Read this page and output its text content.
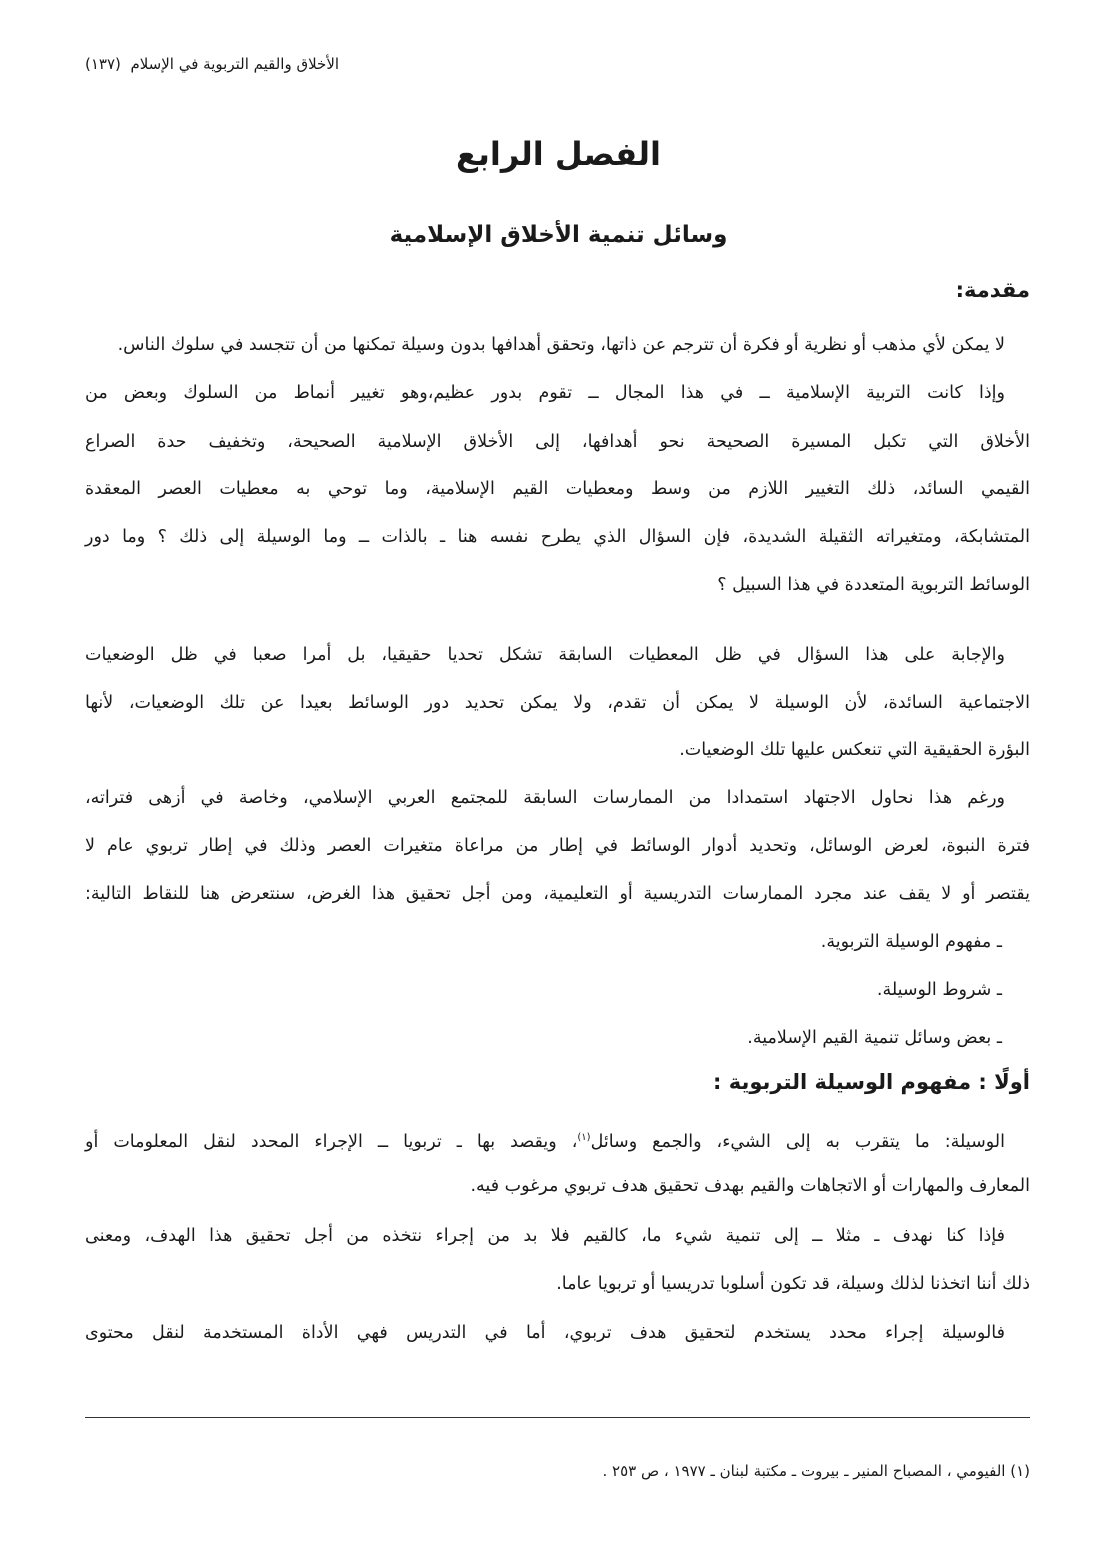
الأخلاق والقيم التربوية في الإسلام  (١٣٧)
الفصل الرابع
وسائل تنمية الأخلاق الإسلامية
مقدمة:
لا يمكن لأي مذهب أو نظرية أو فكرة أن تترجم عن ذاتها، وتحقق أهدافها بدون وسيلة تمكنها من أن تتجسد في سلوك الناس.
وإذا كانت التربية الإسلامية ــ في هذا المجال ــ تقوم بدور عظيم،وهو تغيير أنماط من السلوك وبعض من
الأخلاق التي تكبل المسيرة الصحيحة نحو أهدافها، إلى الأخلاق الإسلامية الصحيحة، وتخفيف حدة الصراع
القيمي السائد، ذلك التغيير اللازم من وسط ومعطيات القيم الإسلامية، وما توحي به معطيات العصر المعقدة
المتشابكة، ومتغيراته الثقيلة الشديدة، فإن السؤال الذي يطرح نفسه هنا ـ بالذات ــ وما الوسيلة إلى ذلك ؟ وما دور
الوسائط التربوية المتعددة في هذا السبيل ؟
والإجابة على هذا السؤال في ظل المعطيات السابقة تشكل تحديا حقيقيا، بل أمرا صعبا في ظل الوضعيات
الاجتماعية السائدة، لأن الوسيلة لا يمكن أن تقدم، ولا يمكن تحديد دور الوسائط بعيدا عن تلك الوضعيات، لأنها
البؤرة الحقيقية التي تنعكس عليها تلك الوضعيات.
ورغم هذا نحاول الاجتهاد استمدادا من الممارسات السابقة للمجتمع العربي الإسلامي، وخاصة في أزهى فتراته،
فترة النبوة، لعرض الوسائل، وتحديد أدوار الوسائط في إطار من مراعاة متغيرات العصر وذلك في إطار تربوي عام لا
يقتصر أو لا يقف عند مجرد الممارسات التدريسية أو التعليمية، ومن أجل تحقيق هذا الغرض، سنتعرض هنا للنقاط التالية:
ـ مفهوم الوسيلة التربوية.
ـ شروط الوسيلة.
ـ بعض وسائل تنمية القيم الإسلامية.
أولًا : مفهوم الوسيلة التربوية :
الوسيلة: ما يتقرب به إلى الشيء، والجمع وسائل$^{(١)}$، ويقصد بها ـ تربويا ــ الإجراء المحدد لنقل المعلومات أو
المعارف والمهارات أو الاتجاهات والقيم بهدف تحقيق هدف تربوي مرغوب فيه.
فإذا كنا نهدف ـ مثلا ــ إلى تنمية شيء ما، كالقيم فلا بد من إجراء نتخذه من أجل تحقيق هذا الهدف، ومعنى
ذلك أننا اتخذنا لذلك وسيلة، قد تكون أسلوبا تدريسيا أو تربويا عاما.
فالوسيلة إجراء محدد يستخدم لتحقيق هدف تربوي، أما في التدريس فهي الأداة المستخدمة لنقل محتوى
(١) الفيومي ، المصباح المنير ـ بيروت ـ مكتبة لبنان ـ ١٩٧٧ ، ص ٢٥٣ .
